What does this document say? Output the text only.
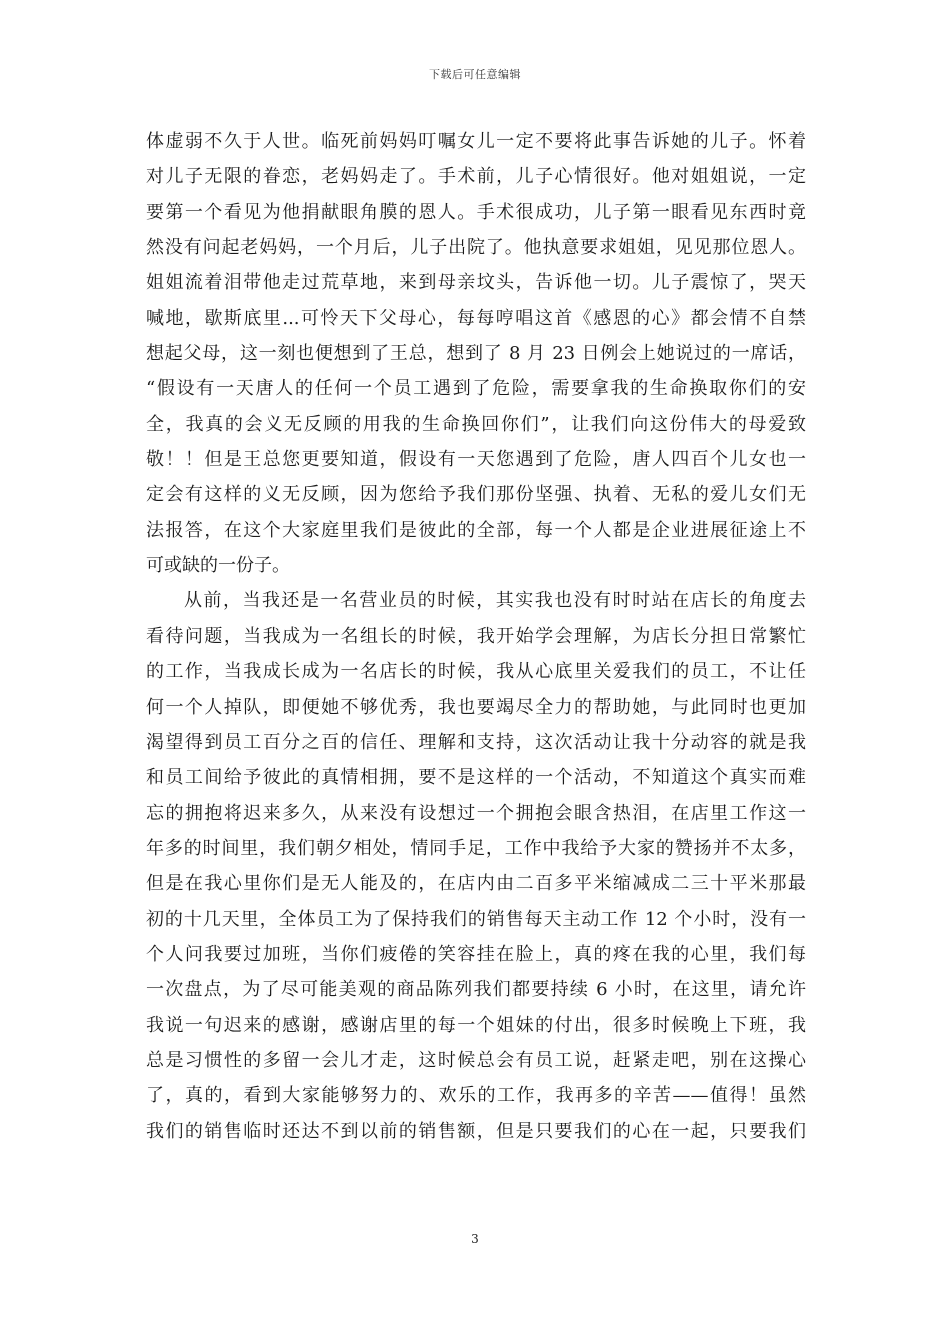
下载后可任意编辑
体虚弱不久于人世。临死前妈妈叮嘱女儿一定不要将此事告诉她的儿子。怀着
对儿子无限的眷恋，老妈妈走了。手术前，儿子心情很好。他对姐姐说，一定
要第一个看见为他捐献眼角膜的恩人。手术很成功，儿子第一眼看见东西时竟
然没有问起老妈妈，一个月后，儿子出院了。他执意要求姐姐，见见那位恩人。
姐姐流着泪带他走过荒草地，来到母亲坟头，告诉他一切。儿子震惊了，哭天
喊地，歇斯底里...可怜天下父母心，每每哼唱这首《感恩的心》都会情不自禁
想起父母，这一刻也便想到了王总，想到了 8 月 23 日例会上她说过的一席话，
“假设有一天唐人的任何一个员工遇到了危险，需要拿我的生命换取你们的安
全，我真的会义无反顾的用我的生命换回你们”，让我们向这份伟大的母爱致
敬！！但是王总您更要知道，假设有一天您遇到了危险，唐人四百个儿女也一
定会有这样的义无反顾，因为您给予我们那份坚强、执着、无私的爱儿女们无
法报答，在这个大家庭里我们是彼此的全部，每一个人都是企业进展征途上不
可或缺的一份子。
从前，当我还是一名营业员的时候，其实我也没有时时站在店长的角度去
看待问题，当我成为一名组长的时候，我开始学会理解，为店长分担日常繁忙
的工作，当我成长成为一名店长的时候，我从心底里关爱我们的员工，不让任
何一个人掉队，即便她不够优秀，我也要竭尽全力的帮助她，与此同时也更加
渴望得到员工百分之百的信任、理解和支持，这次活动让我十分动容的就是我
和员工间给予彼此的真情相拥，要不是这样的一个活动，不知道这个真实而难
忘的拥抱将迟来多久，从来没有设想过一个拥抱会眼含热泪，在店里工作这一
年多的时间里，我们朝夕相处，情同手足，工作中我给予大家的赞扬并不太多，
但是在我心里你们是无人能及的，在店内由二百多平米缩减成二三十平米那最
初的十几天里，全体员工为了保持我们的销售每天主动工作 12 个小时，没有一
个人问我要过加班，当你们疲倦的笑容挂在脸上，真的疼在我的心里，我们每
一次盘点，为了尽可能美观的商品陈列我们都要持续 6 小时，在这里，请允许
我说一句迟来的感谢，感谢店里的每一个姐妹的付出，很多时候晚上下班，我
总是习惯性的多留一会儿才走，这时候总会有员工说，赶紧走吧，别在这操心
了，真的，看到大家能够努力的、欢乐的工作，我再多的辛苦——值得！虽然
我们的销售临时还达不到以前的销售额，但是只要我们的心在一起，只要我们
3
